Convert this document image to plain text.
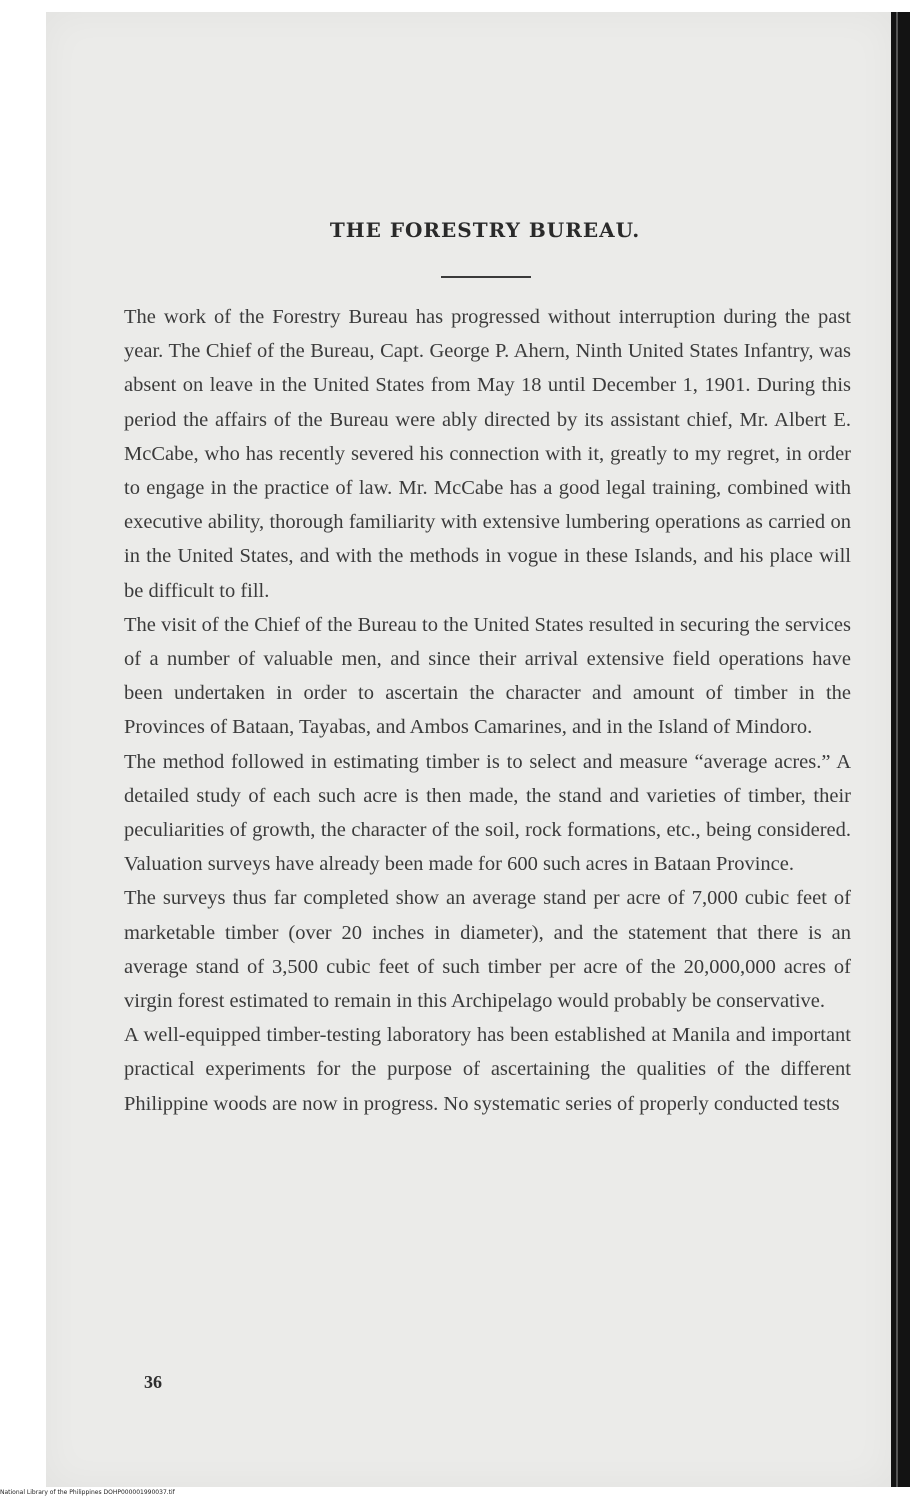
THE FORESTRY BUREAU.

The work of the Forestry Bureau has progressed without interruption during the past year. The Chief of the Bureau, Capt. George P. Ahern, Ninth United States Infantry, was absent on leave in the United States from May 18 until December 1, 1901. During this period the affairs of the Bureau were ably directed by its assistant chief, Mr. Albert E. McCabe, who has recently severed his connection with it, greatly to my regret, in order to engage in the practice of law. Mr. McCabe has a good legal training, combined with executive ability, thorough familiarity with extensive lumbering operations as carried on in the United States, and with the methods in vogue in these Islands, and his place will be difficult to fill.

The visit of the Chief of the Bureau to the United States resulted in securing the services of a number of valuable men, and since their arrival extensive field operations have been undertaken in order to ascertain the character and amount of timber in the Provinces of Bataan, Tayabas, and Ambos Camarines, and in the Island of Mindoro.

The method followed in estimating timber is to select and measure “average acres.” A detailed study of each such acre is then made, the stand and varieties of timber, their peculiarities of growth, the character of the soil, rock formations, etc., being considered. Valuation surveys have already been made for 600 such acres in Bataan Province.

The surveys thus far completed show an average stand per acre of 7,000 cubic feet of marketable timber (over 20 inches in diameter), and the statement that there is an average stand of 3,500 cubic feet of such timber per acre of the 20,000,000 acres of virgin forest estimated to remain in this Archipelago would probably be conservative.

A well-equipped timber-testing laboratory has been established at Manila and important practical experiments for the purpose of ascertaining the qualities of the different Philippine woods are now in progress. No systematic series of properly conducted tests

36
National Library of the Philippines DOHP000001990037.tif
